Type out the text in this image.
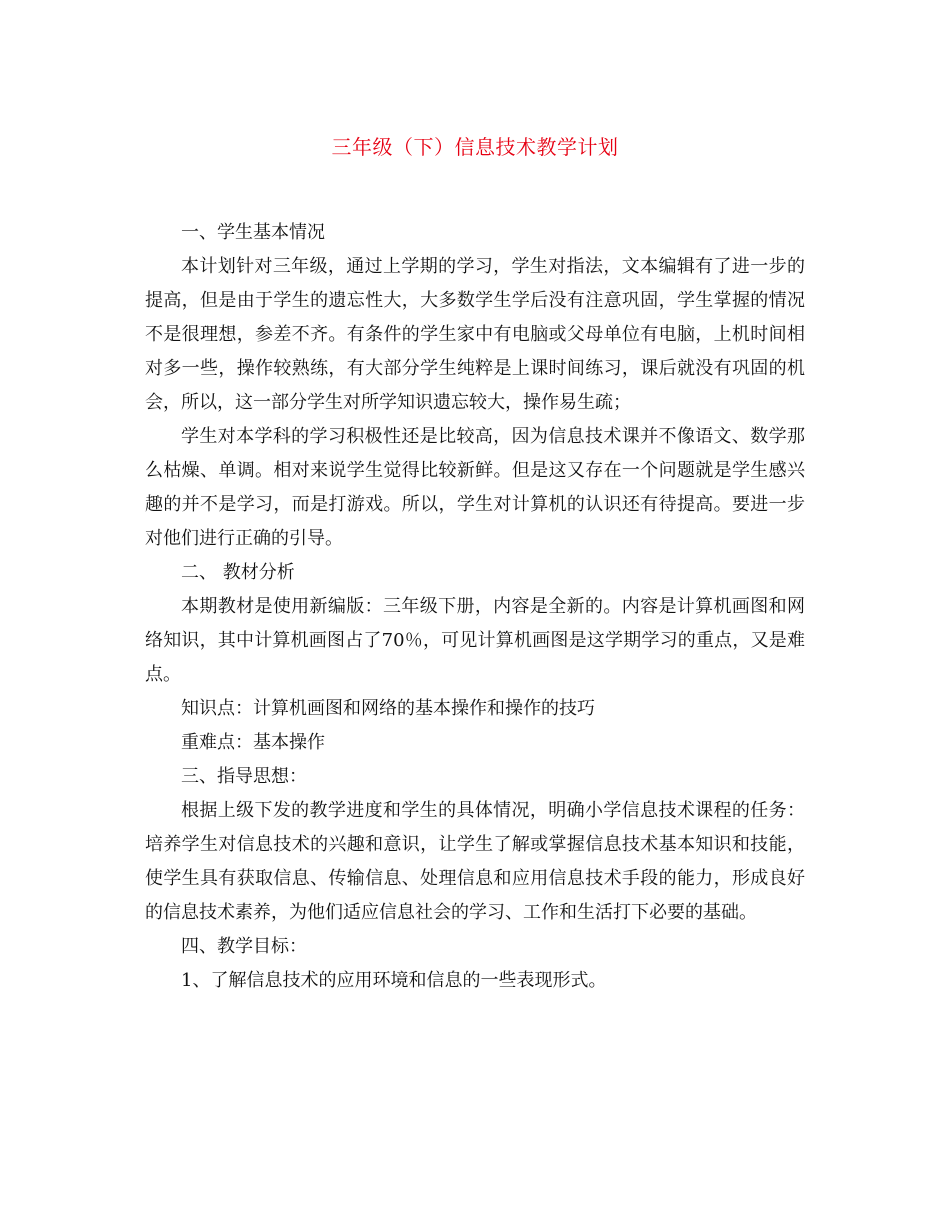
三年级（下）信息技术教学计划

一、学生基本情况

本计划针对三年级，通过上学期的学习，学生对指法，文本编辑有了进一步的提高，但是由于学生的遗忘性大，大多数学生学后没有注意巩固，学生掌握的情况不是很理想，参差不齐。有条件的学生家中有电脑或父母单位有电脑，上机时间相对多一些，操作较熟练，有大部分学生纯粹是上课时间练习，课后就没有巩固的机会，所以，这一部分学生对所学知识遗忘较大，操作易生疏；

学生对本学科的学习积极性还是比较高，因为信息技术课并不像语文、数学那么枯燥、单调。相对来说学生觉得比较新鲜。但是这又存在一个问题就是学生感兴趣的并不是学习，而是打游戏。所以，学生对计算机的认识还有待提高。要进一步对他们进行正确的引导。

二、 教材分析

本期教材是使用新编版：三年级下册，内容是全新的。内容是计算机画图和网络知识，其中计算机画图占了70％，可见计算机画图是这学期学习的重点，又是难点。

知识点：计算机画图和网络的基本操作和操作的技巧

重难点：基本操作

三、指导思想：

根据上级下发的教学进度和学生的具体情况，明确小学信息技术课程的任务：培养学生对信息技术的兴趣和意识，让学生了解或掌握信息技术基本知识和技能，使学生具有获取信息、传输信息、处理信息和应用信息技术手段的能力，形成良好的信息技术素养，为他们适应信息社会的学习、工作和生活打下必要的基础。

四、教学目标：

1、了解信息技术的应用环境和信息的一些表现形式。
